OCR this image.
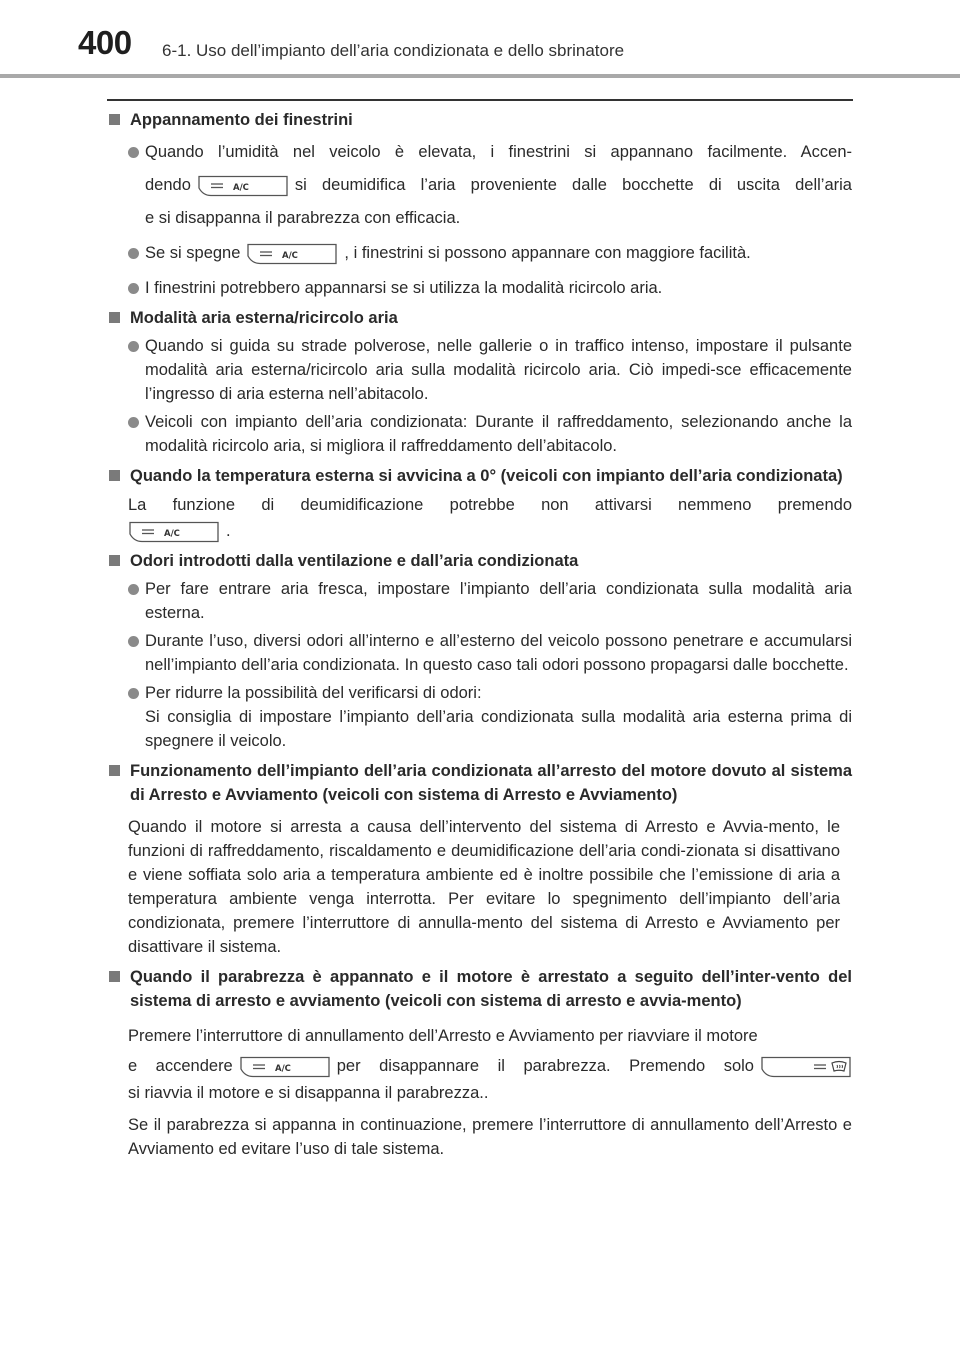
400 6-1. Uso dell’impianto dell’aria condizionata e dello sbrinatore
Appannamento dei finestrini
Quando l’umidità nel veicolo è elevata, i finestrini si appannano facilmente. Accen-
dendo	A/C	si deumidifica l’aria proveniente dalle bocchette di uscita dell’aria
e si disappanna il parabrezza con efficacia.
Se si spegne	A/C	, i finestrini si possono appannare con maggiore facilità.
I finestrini potrebbero appannarsi se si utilizza la modalità ricircolo aria.
Modalità aria esterna/ricircolo aria
Quando si guida su strade polverose, nelle gallerie o in traffico intenso, impostare il pulsante modalità aria esterna/ricircolo aria sulla modalità ricircolo aria. Ciò impedi-sce efficacemente l’ingresso di aria esterna nell’abitacolo.
Veicoli con impianto dell’aria condizionata: Durante il raffreddamento, selezionando anche la modalità ricircolo aria, si migliora il raffreddamento dell’abitacolo.
Quando la temperatura esterna si avvicina a 0° (veicoli con impianto dell’aria condizionata)
La funzione di deumidificazione potrebbe non attivarsi nemmeno premendo
A/C	.
Odori introdotti dalla ventilazione e dall’aria condizionata
Per fare entrare aria fresca, impostare l’impianto dell’aria condizionata sulla modalità aria esterna.
Durante l’uso, diversi odori all’interno e all’esterno del veicolo possono penetrare e accumularsi nell’impianto dell’aria condizionata. In questo caso tali odori possono propagarsi dalle bocchette.
Per ridurre la possibilità del verificarsi di odori:
Si consiglia di impostare l’impianto dell’aria condizionata sulla modalità aria esterna prima di spegnere il veicolo.
Funzionamento dell’impianto dell’aria condizionata all’arresto del motore dovuto al sistema di Arresto e Avviamento (veicoli con sistema di Arresto e Avviamento)
Quando il motore si arresta a causa dell’intervento del sistema di Arresto e Avvia-mento, le funzioni di raffreddamento, riscaldamento e deumidificazione dell’aria condi-zionata si disattivano e viene soffiata solo aria a temperatura ambiente ed è inoltre possibile che l’emissione di aria a temperatura ambiente venga interrotta. Per evitare lo spegnimento dell’impianto dell’aria condizionata, premere l’interruttore di annulla-mento del sistema di Arresto e Avviamento per disattivare il sistema.
Quando il parabrezza è appannato e il motore è arrestato a seguito dell’inter-vento del sistema di arresto e avviamento (veicoli con sistema di arresto e avvia-mento)
Premere l’interruttore di annullamento dell’Arresto e Avviamento per riavviare il motore
e accendere	A/C	per disappannare il parabrezza. Premendo solo
si riavvia il motore e si disappanna il parabrezza..
Se il parabrezza si appanna in continuazione, premere l’interruttore di annullamento dell’Arresto e Avviamento ed evitare l’uso di tale sistema.
